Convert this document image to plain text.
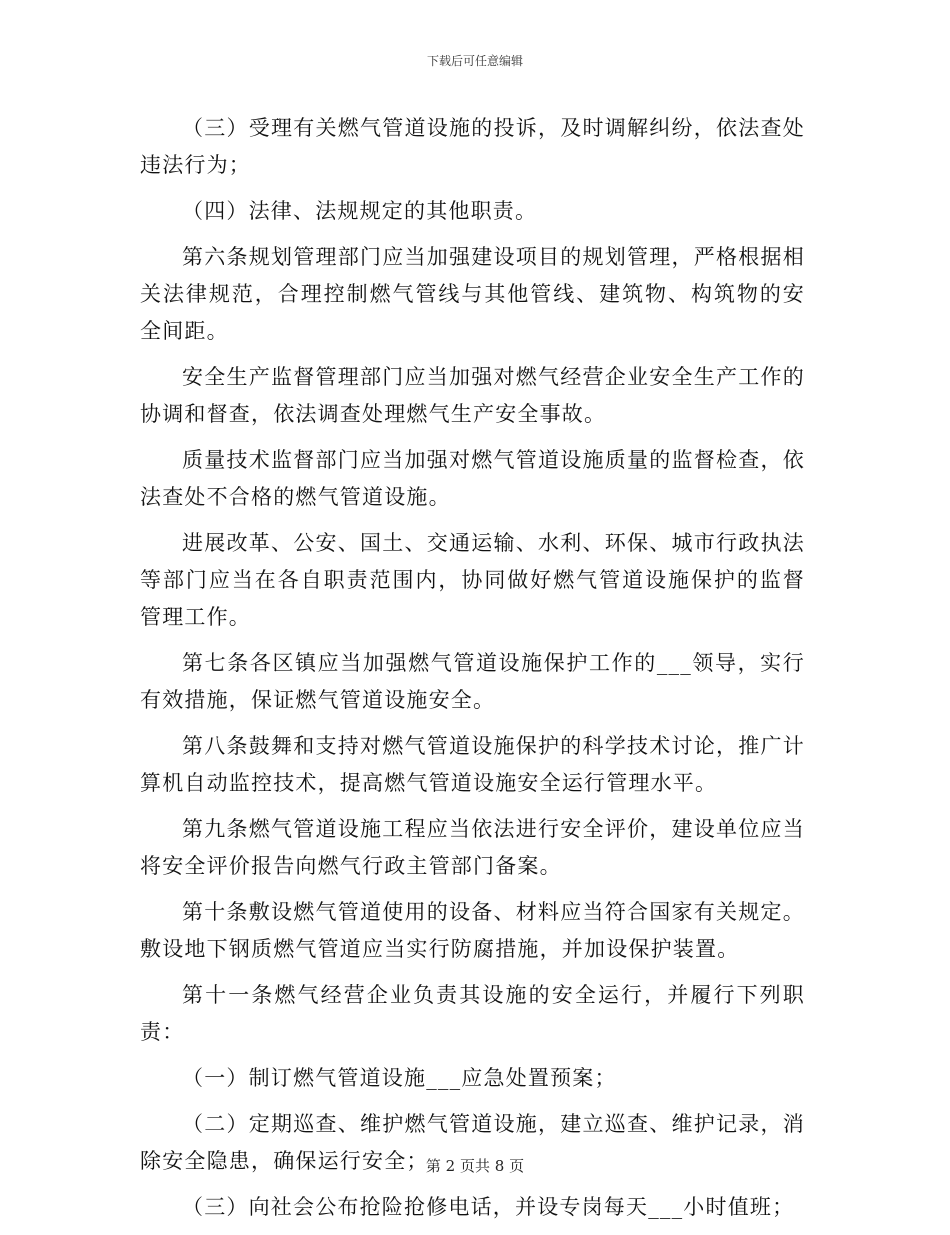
下载后可任意编辑

（三）受理有关燃气管道设施的投诉，及时调解纠纷，依法查处违法行为；

（四）法律、法规规定的其他职责。

第六条规划管理部门应当加强建设项目的规划管理，严格根据相关法律规范，合理控制燃气管线与其他管线、建筑物、构筑物的安全间距。

安全生产监督管理部门应当加强对燃气经营企业安全生产工作的协调和督查，依法调查处理燃气生产安全事故。

质量技术监督部门应当加强对燃气管道设施质量的监督检查，依法查处不合格的燃气管道设施。

进展改革、公安、国土、交通运输、水利、环保、城市行政执法等部门应当在各自职责范围内，协同做好燃气管道设施保护的监督管理工作。

第七条各区镇应当加强燃气管道设施保护工作的___领导，实行有效措施，保证燃气管道设施安全。

第八条鼓舞和支持对燃气管道设施保护的科学技术讨论，推广计算机自动监控技术，提高燃气管道设施安全运行管理水平。

第九条燃气管道设施工程应当依法进行安全评价，建设单位应当将安全评价报告向燃气行政主管部门备案。

第十条敷设燃气管道使用的设备、材料应当符合国家有关规定。敷设地下钢质燃气管道应当实行防腐措施，并加设保护装置。

第十一条燃气经营企业负责其设施的安全运行，并履行下列职责：

（一）制订燃气管道设施___应急处置预案；

（二）定期巡查、维护燃气管道设施，建立巡查、维护记录，消除安全隐患，确保运行安全；

（三）向社会公布抢险抢修电话，并设专岗每天___小时值班；

第 2 页共 8 页
